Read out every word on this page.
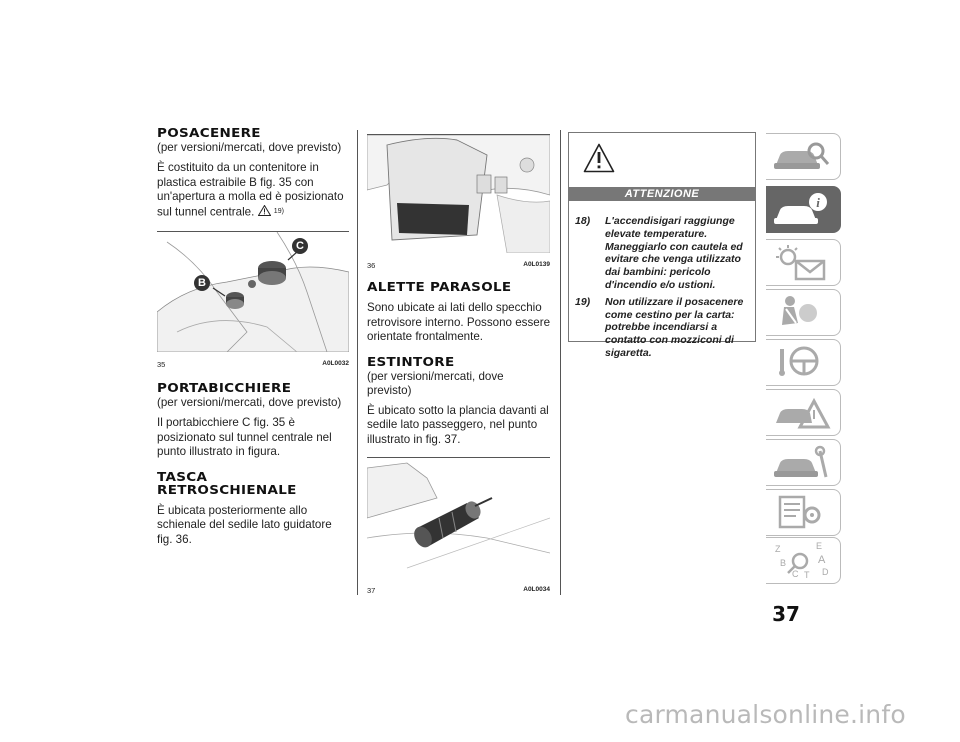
POSACENERE
(per versioni/mercati, dove previsto)

È costituito da un contenitore in plastica estraibile B fig. 35 con un'apertura a molla ed è posizionato sul tunnel centrale.	19)

C
B
35	A0L0032
PORTABICCHIERE
(per versioni/mercati, dove previsto)

Il portabicchiere C fig. 35 è posizionato sul tunnel centrale nel punto illustrato in figura.

TASCA
RETROSCHIENALE

È ubicata posteriormente allo schienale del sedile lato guidatore fig. 36.

36	A0L0139
ALETTE PARASOLE

Sono ubicate ai lati dello specchio retrovisore interno. Possono essere orientate frontalmente.

ESTINTORE
(per versioni/mercati, dove previsto)

È ubicato sotto la plancia davanti al sedile lato passeggero, nel punto illustrato in fig. 37.

37	A0L0034
ATTENZIONE
18)	L'accendisigari raggiunge elevate temperature. Maneggiarlo con cautela ed evitare che venga utilizzato dai bambini: pericolo d'incendio e/o ustioni.
19)	Non utilizzare il posacenere come cestino per la carta: potrebbe incendiarsi a contatto con mozziconi di sigaretta.
i
Z	E
B	A
D
C T
37
carmanualsonline.info
